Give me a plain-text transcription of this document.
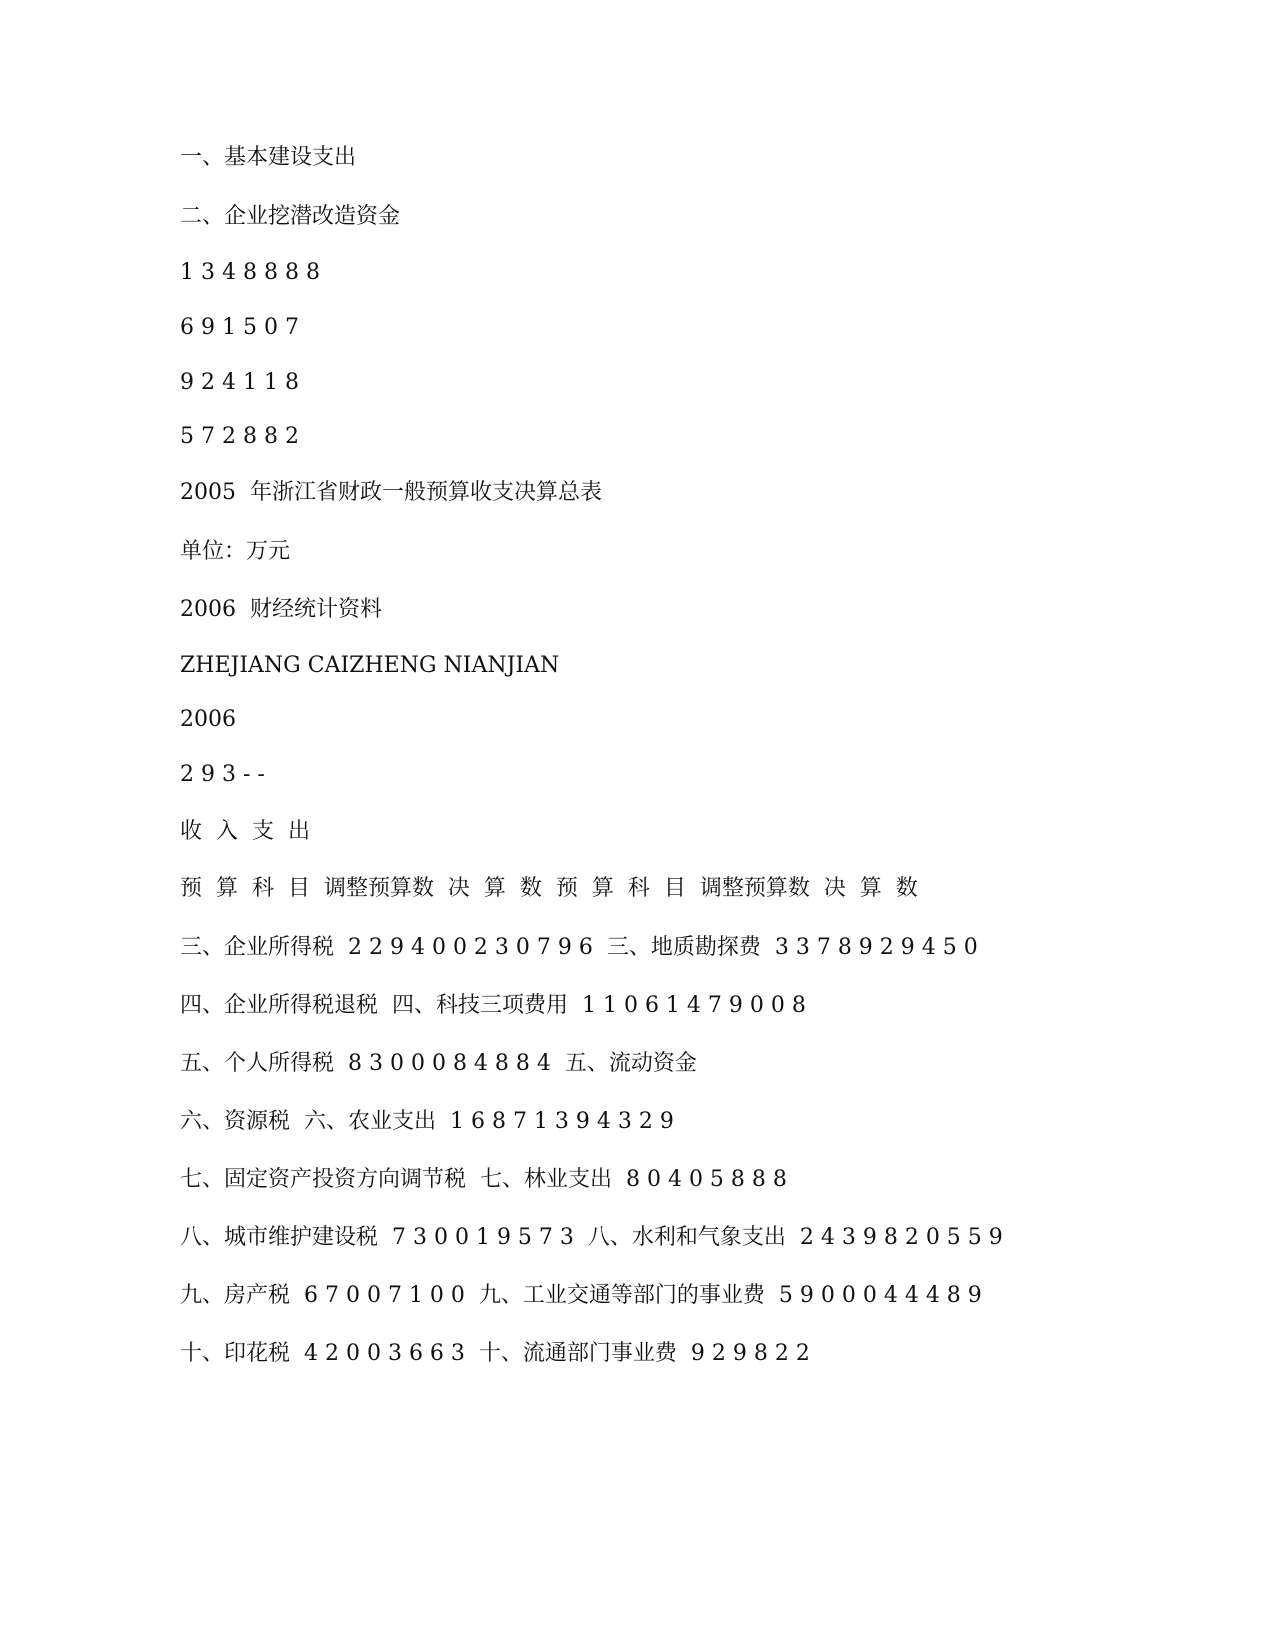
一、基本建设支出
二、企业挖潜改造资金
1 3 4 8 8 8 8
6 9 1 5 0 7
9 2 4 1 1 8
5 7 2 8 8 2
2005  年浙江省财政一般预算收支决算总表
单位：万元
2006  财经统计资料
ZHEJIANG CAIZHENG NIANJIAN
2006
2 9 3 - -
收  入  支  出
预  算  科  目  调整预算数  决  算  数  预  算  科  目  调整预算数  决  算  数
三、企业所得税  2 2 9 4 0 0 2 3 0 7 9 6  三、地质勘探费  3 3 7 8 9 2 9 4 5 0
四、企业所得税退税  四、科技三项费用  1 1 0 6 1 4 7 9 0 0 8
五、个人所得税  8 3 0 0 0 8 4 8 8 4  五、流动资金
六、资源税  六、农业支出  1 6 8 7 1 3 9 4 3 2 9
七、固定资产投资方向调节税  七、林业支出  8 0 4 0 5 8 8 8
八、城市维护建设税  7 3 0 0 1 9 5 7 3  八、水利和气象支出  2 4 3 9 8 2 0 5 5 9
九、房产税  6 7 0 0 7 1 0 0  九、工业交通等部门的事业费  5 9 0 0 0 4 4 4 8 9
十、印花税  4 2 0 0 3 6 6 3  十、流通部门事业费  9 2 9 8 2 2
